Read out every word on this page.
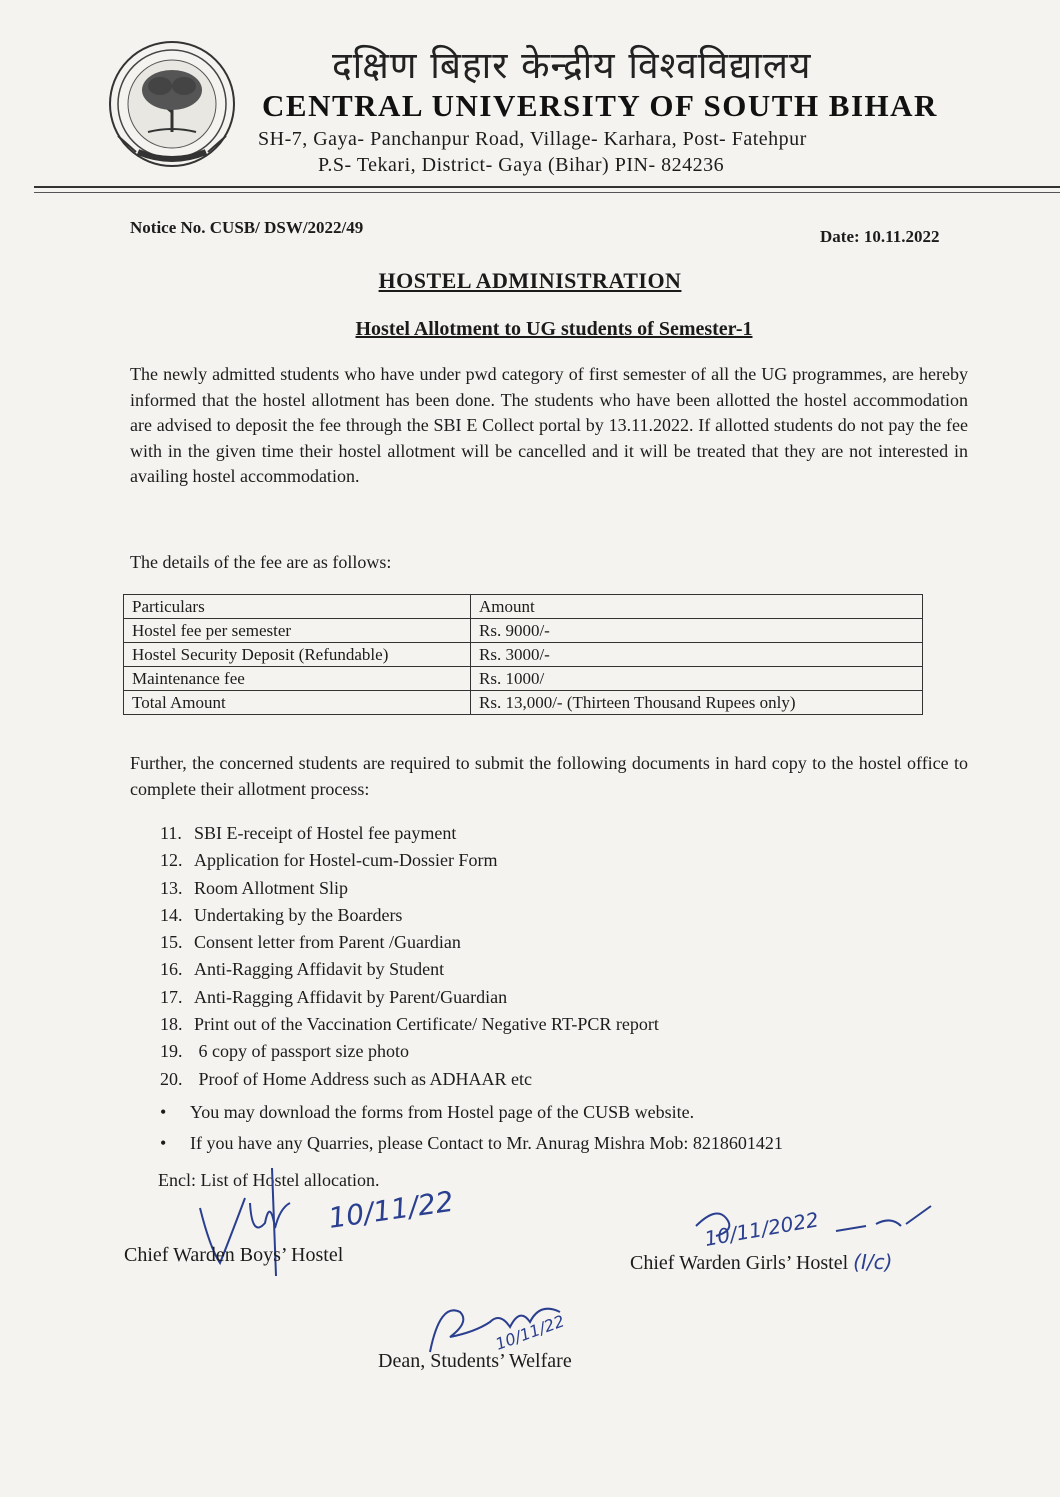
दक्षिण बिहार केन्द्रीय विश्वविद्यालय
CENTRAL UNIVERSITY OF SOUTH BIHAR
SH-7, Gaya- Panchanpur Road, Village- Karhara, Post- Fatehpur
P.S- Tekari, District- Gaya (Bihar) PIN- 824236
Notice No. CUSB/ DSW/2022/49	Date: 10.11.2022
HOSTEL ADMINISTRATION
Hostel Allotment to UG students of Semester-1
The newly admitted students who have under pwd category of first semester of all the UG programmes, are hereby informed that the hostel allotment has been done. The students who have been allotted the hostel accommodation are advised to deposit the fee through the SBI E Collect portal by 13.11.2022. If allotted students do not pay the fee with in the given time their hostel allotment will be cancelled and it will be treated that they are not interested in availing hostel accommodation.
The details of the fee are as follows:
Particulars	Amount
Hostel fee per semester	Rs. 9000/-
Hostel Security Deposit (Refundable)	Rs. 3000/-
Maintenance fee	Rs. 1000/
Total Amount	Rs. 13,000/- (Thirteen Thousand Rupees only)
Further, the concerned students are required to submit the following documents in hard copy to the hostel office to complete their allotment process:
11. SBI E-receipt of Hostel fee payment
12. Application for Hostel-cum-Dossier Form
13. Room Allotment Slip
14. Undertaking by the Boarders
15. Consent letter from Parent /Guardian
16. Anti-Ragging Affidavit by Student
17. Anti-Ragging Affidavit by Parent/Guardian
18. Print out of the Vaccination Certificate/ Negative RT-PCR report
19. 6 copy of passport size photo
20. Proof of Home Address such as ADHAAR etc
• You may download the forms from Hostel page of the CUSB website.
• If you have any Quarries, please Contact to Mr. Anurag Mishra Mob: 8218601421
Encl: List of Hostel allocation.
10/11/22	10/11/2022
10/11/22
Chief Warden Boys’ Hostel	Chief Warden Girls’ Hostel (I/c)
Dean, Students’ Welfare
